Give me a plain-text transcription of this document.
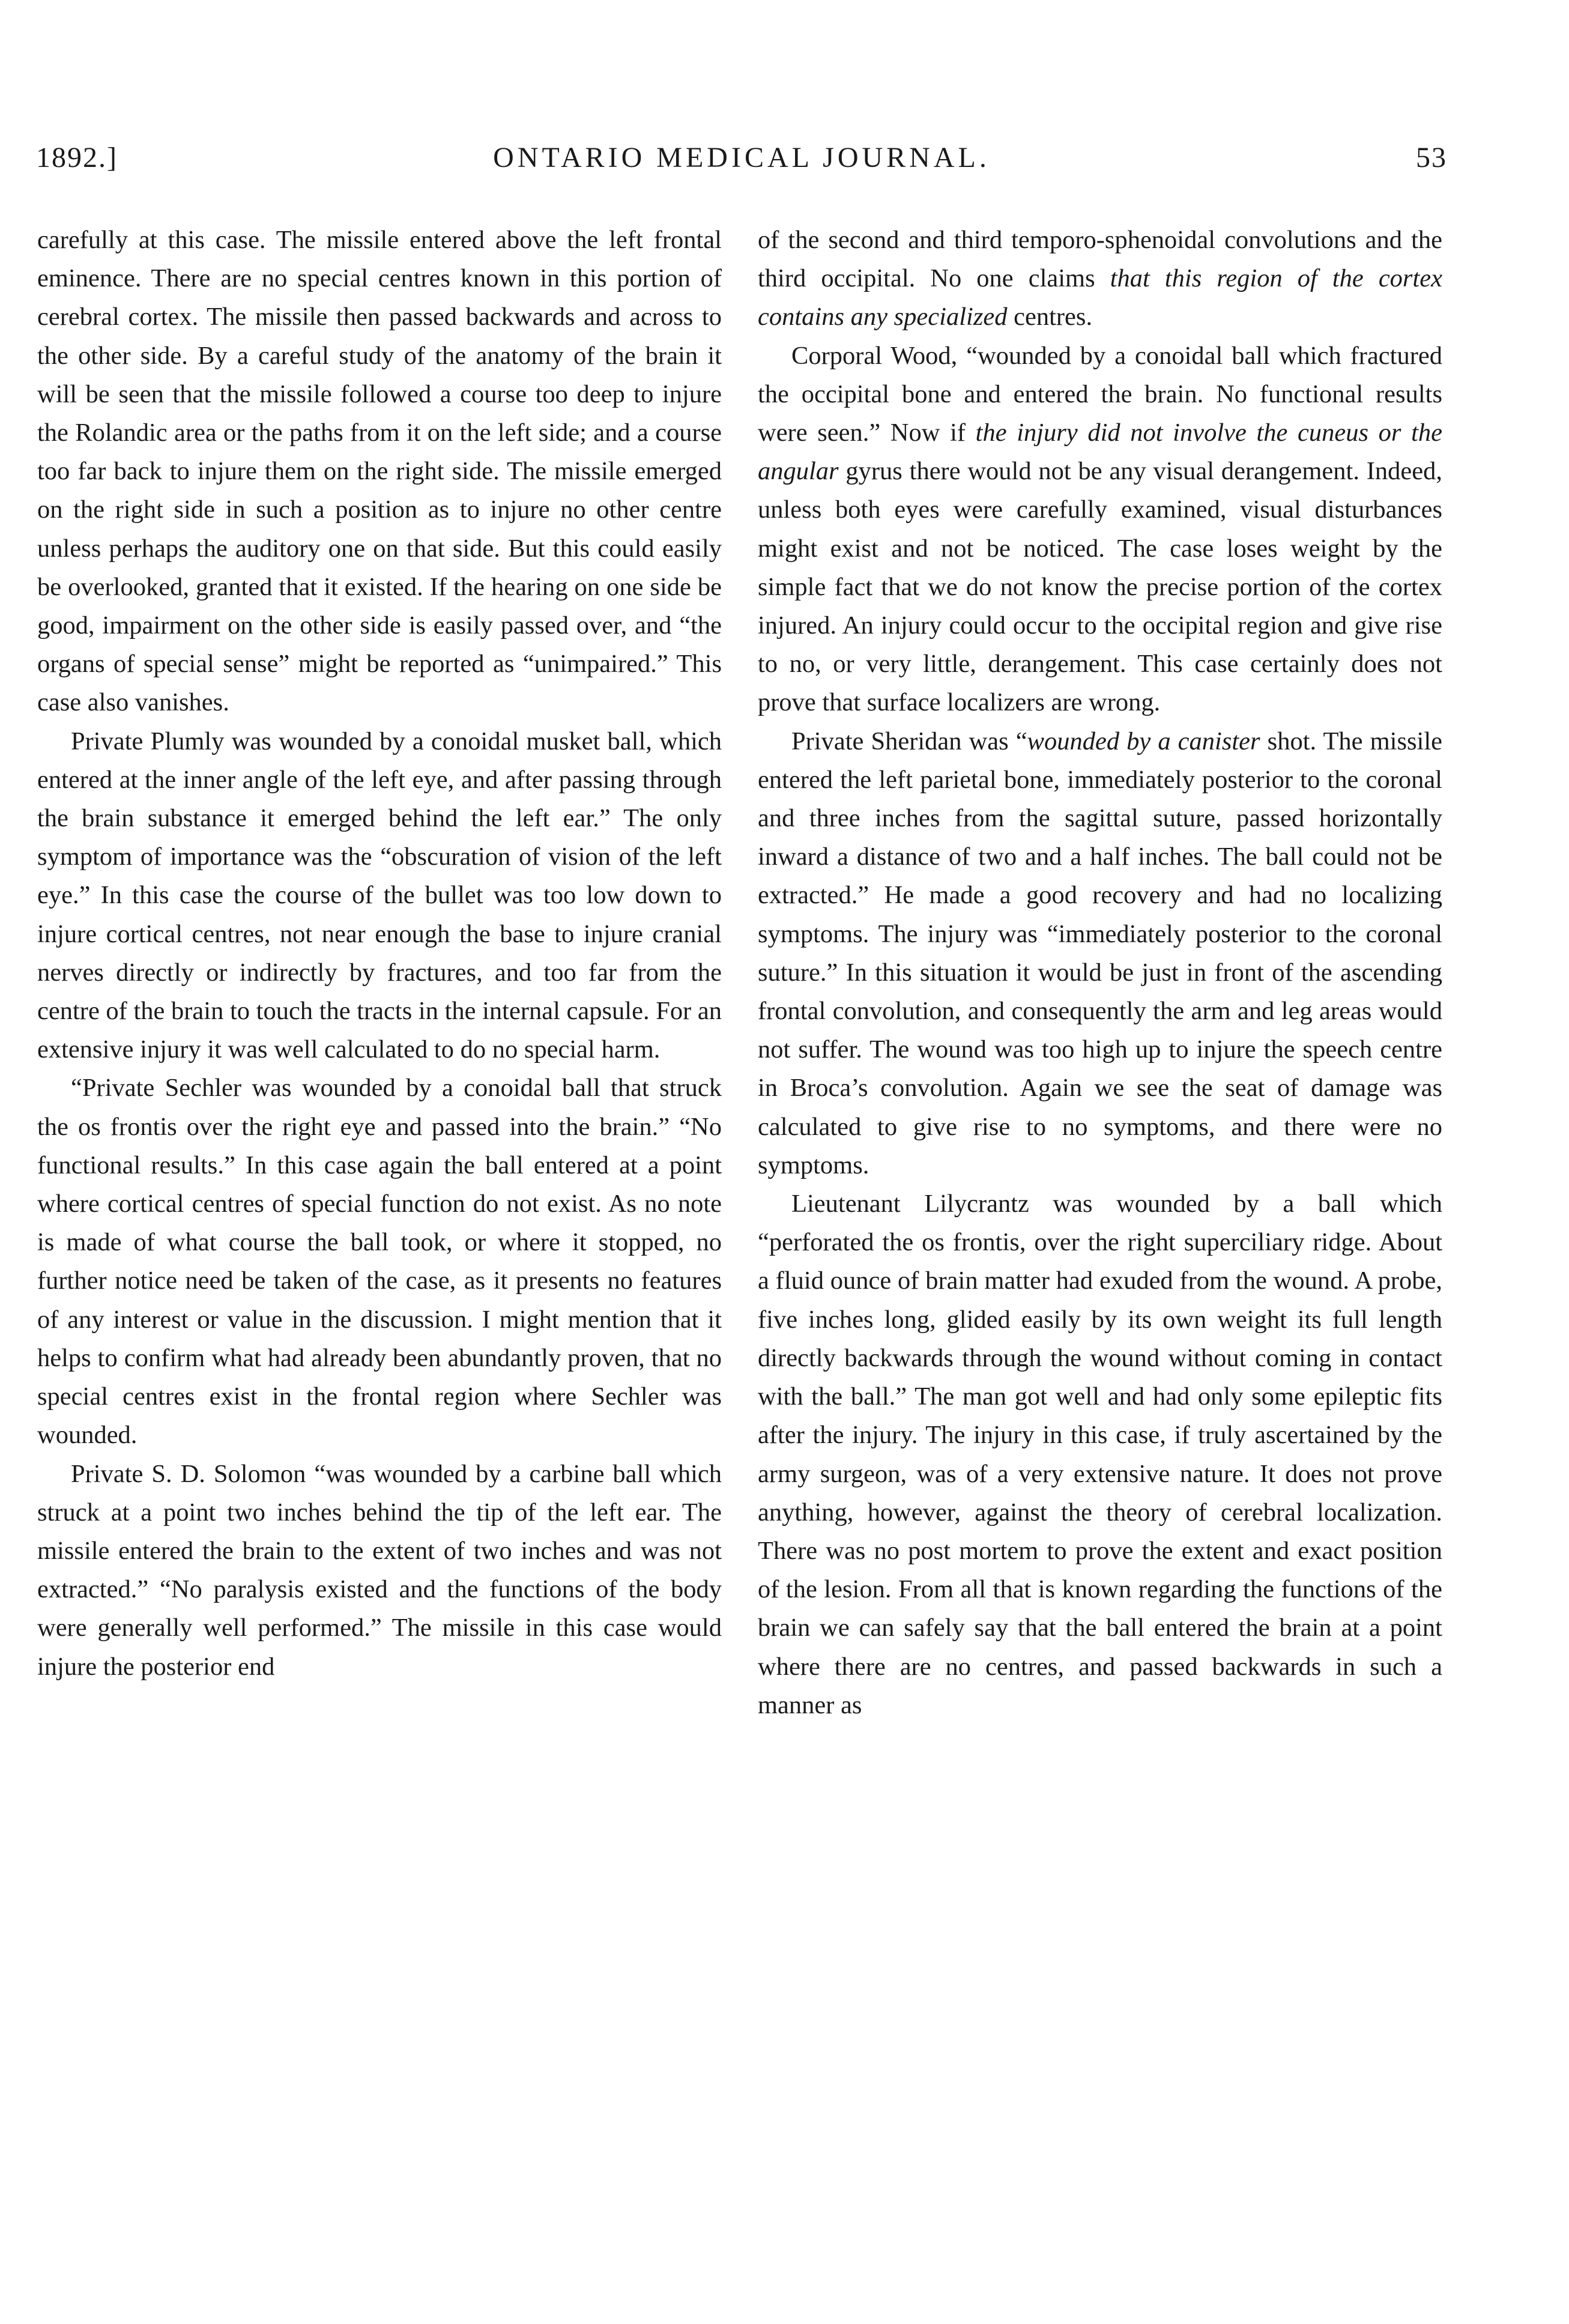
1892.]	ONTARIO MEDICAL JOURNAL.	53

carefully at this case. The missile entered above the left frontal eminence. There are no special centres known in this portion of cerebral cortex. The missile then passed backwards and across to the other side. By a careful study of the anatomy of the brain it will be seen that the missile followed a course too deep to injure the Rolandic area or the paths from it on the left side; and a course too far back to injure them on the right side. The missile emerged on the right side in such a position as to injure no other centre unless perhaps the auditory one on that side. But this could easily be overlooked, granted that it existed. If the hearing on one side be good, impairment on the other side is easily passed over, and “the organs of special sense” might be reported as “unimpaired.” This case also vanishes.

Private Plumly was wounded by a conoidal musket ball, which entered at the inner angle of the left eye, and after passing through the brain substance it emerged behind the left ear.” The only symptom of importance was the “obscuration of vision of the left eye.” In this case the course of the bullet was too low down to injure cortical centres, not near enough the base to injure cranial nerves directly or indirectly by fractures, and too far from the centre of the brain to touch the tracts in the internal capsule. For an extensive injury it was well calculated to do no special harm.

“Private Sechler was wounded by a conoidal ball that struck the os frontis over the right eye and passed into the brain.” “No functional results.” In this case again the ball entered at a point where cortical centres of special function do not exist. As no note is made of what course the ball took, or where it stopped, no further notice need be taken of the case, as it presents no features of any interest or value in the discussion. I might mention that it helps to confirm what had already been abundantly proven, that no special centres exist in the frontal region where Sechler was wounded.

Private S. D. Solomon “was wounded by a carbine ball which struck at a point two inches behind the tip of the left ear. The missile entered the brain to the extent of two inches and was not extracted.” “No paralysis existed and the functions of the body were generally well performed.” The missile in this case would injure the posterior end

of the second and third temporo-sphenoidal convolutions and the third occipital. No one claims that this region of the cortex contains any specialized centres.

Corporal Wood, “wounded by a conoidal ball which fractured the occipital bone and entered the brain. No functional results were seen.” Now if the injury did not involve the cuneus or the angular gyrus there would not be any visual derangement. Indeed, unless both eyes were carefully examined, visual disturbances might exist and not be noticed. The case loses weight by the simple fact that we do not know the precise portion of the cortex injured. An injury could occur to the occipital region and give rise to no, or very little, derangement. This case certainly does not prove that surface localizers are wrong.

Private Sheridan was “wounded by a canister shot. The missile entered the left parietal bone, immediately posterior to the coronal and three inches from the sagittal suture, passed horizontally inward a distance of two and a half inches. The ball could not be extracted.” He made a good recovery and had no localizing symptoms. The injury was “immediately posterior to the coronal suture.” In this situation it would be just in front of the ascending frontal convolution, and consequently the arm and leg areas would not suffer. The wound was too high up to injure the speech centre in Broca’s convolution. Again we see the seat of damage was calculated to give rise to no symptoms, and there were no symptoms.

Lieutenant Lilycrantz was wounded by a ball which “perforated the os frontis, over the right superciliary ridge. About a fluid ounce of brain matter had exuded from the wound. A probe, five inches long, glided easily by its own weight its full length directly backwards through the wound without coming in contact with the ball.” The man got well and had only some epileptic fits after the injury. The injury in this case, if truly ascertained by the army surgeon, was of a very extensive nature. It does not prove anything, however, against the theory of cerebral localization. There was no post mortem to prove the extent and exact position of the lesion. From all that is known regarding the functions of the brain we can safely say that the ball entered the brain at a point where there are no centres, and passed backwards in such a manner as
